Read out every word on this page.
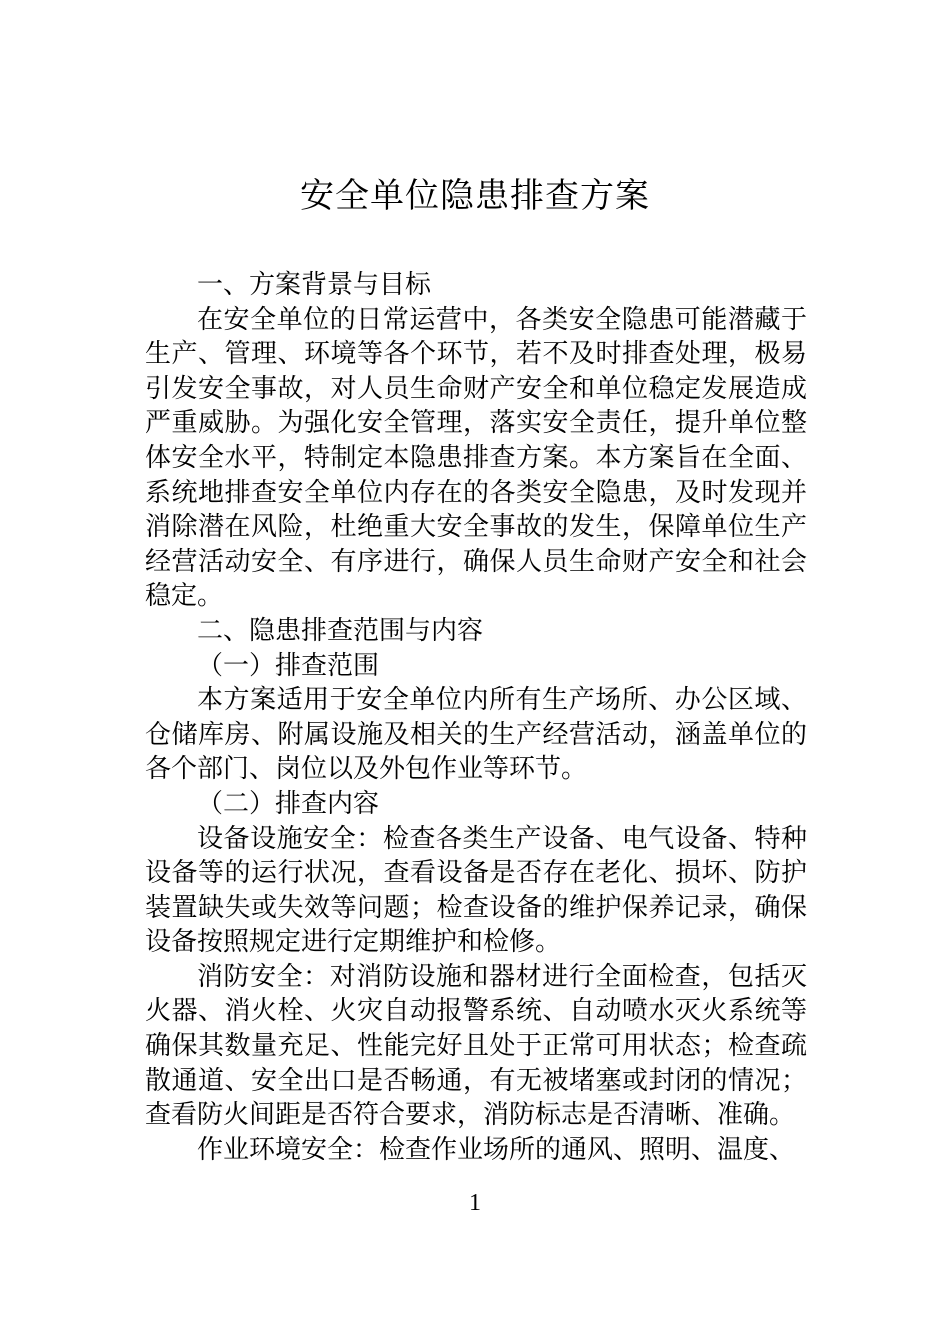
安全单位隐患排查方案

一、方案背景与目标

在安全单位的日常运营中，各类安全隐患可能潜藏于生产、管理、环境等各个环节，若不及时排查处理，极易引发安全事故，对人员生命财产安全和单位稳定发展造成严重威胁。为强化安全管理，落实安全责任，提升单位整体安全水平，特制定本隐患排查方案。本方案旨在全面、系统地排查安全单位内存在的各类安全隐患，及时发现并消除潜在风险，杜绝重大安全事故的发生，保障单位生产经营活动安全、有序进行，确保人员生命财产安全和社会稳定。

二、隐患排查范围与内容

（一）排查范围

本方案适用于安全单位内所有生产场所、办公区域、仓储库房、附属设施及相关的生产经营活动，涵盖单位的各个部门、岗位以及外包作业等环节。

（二）排查内容

设备设施安全：检查各类生产设备、电气设备、特种设备等的运行状况，查看设备是否存在老化、损坏、防护装置缺失或失效等问题；检查设备的维护保养记录，确保设备按照规定进行定期维护和检修。

消防安全：对消防设施和器材进行全面检查，包括灭火器、消火栓、火灾自动报警系统、自动喷水灭火系统等确保其数量充足、性能完好且处于正常可用状态；检查疏散通道、安全出口是否畅通，有无被堵塞或封闭的情况；查看防火间距是否符合要求，消防标志是否清晰、准确。

作业环境安全：检查作业场所的通风、照明、温度、

1
